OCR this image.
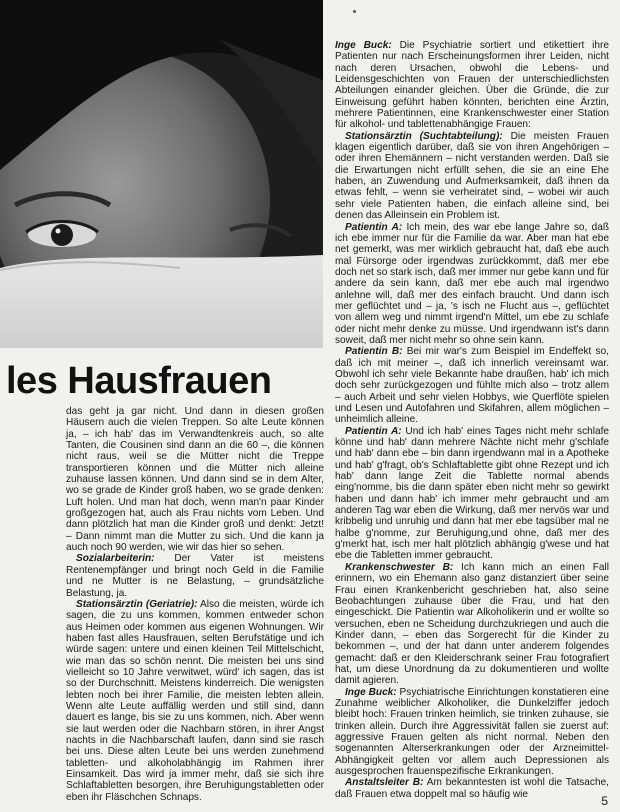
les Hausfrauen

das geht ja gar nicht. Und dann in diesen großen Häusern auch die vielen Treppen. So alte Leute können ja, – ich hab' das im Verwandtenkreis auch, so alte Tanten, die Cousinen sind dann an die 60 –, die können nicht raus, weil se die Mütter nicht die Treppe transportieren können und die Mütter nich alleine zuhause lassen können. Und dann sind se in dem Alter, wo se grade de Kinder groß haben, wo se grade denken: Luft holen. Und man hat doch, wenn man'n paar Kinder großgezogen hat, auch als Frau nichts vom Leben. Und dann plötzlich hat man die Kinder groß und denkt: Jetzt! – Dann nimmt man die Mutter zu sich. Und die kann ja auch noch 90 werden, wie wir das hier so sehen.

Sozialarbeiterin: Der Vater ist meistens Rentenempfänger und bringt noch Geld in die Familie und ne Mutter is ne Belastung, – grundsätzliche Belastung, ja.

Stationsärztin (Geriatrie): Also die meisten, würde ich sagen, die zu uns kommen, kommen entweder schon aus Heimen oder kommen aus eigenen Wohnungen. Wir haben fast alles Hausfrauen, selten Berufstätige und ich würde sagen: untere und einen kleinen Teil Mittelschicht, wie man das so schön nennt. Die meisten bei uns sind vielleicht so 10 Jahre verwitwet, würd' ich sagen, das ist so der Durchschnitt. Meistens kinderreich. Die wenigsten lebten noch bei ihrer Familie, die meisten lebten allein. Wenn alte Leute auffällig werden und still sind, dann dauert es lange, bis sie zu uns kommen, nich. Aber wenn sie laut werden oder die Nachbarn stören, in ihrer Angst nachts in die Nachbarschaft laufen, dann sind sie rasch bei uns. Diese alten Leute bei uns werden zunehmend tabletten- und alkoholabhängig im Rahmen ihrer Einsamkeit. Das wird ja immer mehr, daß sie sich ihre Schlaftabletten besorgen, ihre Beruhigungstabletten oder eben ihr Fläschchen Schnaps.

Inge Buck: Die Psychiatrie sortiert und etikettiert ihre Patienten nur nach Erscheinungsformen ihrer Leiden, nicht nach deren Ursachen, obwohl die Lebens- und Leidensgeschichten von Frauen der unterschiedlichsten Abteilungen einander gleichen. Über die Gründe, die zur Einweisung geführt haben könnten, berichten eine Ärztin, mehrere Patientinnen, eine Krankenschwester einer Station für alkohol- und tablettenabhängige Frauen:

Stationsärztin (Suchtabteilung): Die meisten Frauen klagen eigentlich darüber, daß sie von ihren Angehörigen – oder ihren Ehemännern – nicht verstanden werden. Daß sie die Erwartungen nicht erfüllt sehen, die sie an eine Ehe haben, an Zuwendung und Aufmerksamkeit, daß ihnen da etwas fehlt, – wenn sie verheiratet sind, – wobei wir auch sehr viele Patienten haben, die einfach alleine sind, bei denen das Alleinsein ein Problem ist.

Patientin A: Ich mein, des war ebe lange Jahre so, daß ich ebe immer nur für die Familie da war. Aber man hat ebe net gemerkt, was mer wirklich gebraucht hat, daß ebe auch mal Fürsorge oder irgendwas zurückkommt, daß mer ebe doch net so stark isch, daß mer immer nur gebe kann und für andere da sein kann, daß mer ebe auch mal irgendwo anlehne will, daß mer des einfach braucht. Und dann isch mer geflüchtet und – ja, 's isch ne Flucht aus –, geflüchtet von allem weg und nimmt irgend'n Mittel, um ebe zu schlafe oder nicht mehr denke zu müsse. Und irgendwann ist's dann soweit, daß mer nicht mehr so ohne sein kann.

Patientin B: Bei mir war's zum Beispiel im Endeffekt so, daß ich mit meiner –, daß ich innerlich vereinsamt war. Obwohl ich sehr viele Bekannte habe draußen, hab' ich mich doch sehr zurückgezogen und fühlte mich also – trotz allem – auch Arbeit und sehr vielen Hobbys, wie Querflöte spielen und Lesen und Autofahren und Skifahren, allem möglichen – unheimlich alleine.

Patientin A: Und ich hab' eines Tages nicht mehr schlafe könne und hab' dann mehrere Nächte nicht mehr g'schlafe und hab' dann ebe – bin dann irgendwann mal in a Apotheke und hab' g'fragt, ob's Schlaftablette gibt ohne Rezept und ich hab' dann lange Zeit die Tablette normal abends eing'nomme, bis die dann später eben nicht mehr so gewirkt haben und dann hab' ich immer mehr gebraucht und am anderen Tag war eben die Wirkung, daß mer nervös war und kribbelig und unruhig und dann hat mer ebe tagsüber mal ne halbe g'nomme, zur Beruhigung,und ohne, daß mer des g'merkt hat, isch mer halt plötzlich abhängig g'wese und hat ebe die Tabletten immer gebraucht.

Krankenschwester B: Ich kann mich an einen Fall erinnern, wo ein Ehemann also ganz distanziert über seine Frau einen Krankenbericht geschrieben hat, also seine Beobachtungen zuhause über die Frau, und hat den eingeschickt. Die Patientin war Alkoholikerin und er wollte so versuchen, eben ne Scheidung durchzukriegen und auch die Kinder dann, – eben das Sorgerecht für die Kinder zu bekommen –, und der hat dann unter anderem folgendes gemacht: daß er den Kleiderschrank seiner Frau fotografiert hat, um diese Unordnung da zu dokumentieren und wollte damit agieren.

Inge Buck: Psychiatrische Einrichtungen konstatieren eine Zunahme weiblicher Alkoholiker, die Dunkelziffer jedoch bleibt hoch: Frauen trinken heimlich, sie trinken zuhause, sie trinken allein. Durch ihre Aggressivität fallen sie zuerst auf: aggressive Frauen gelten als nicht normal. Neben den sogenannten Alterserkrankungen oder der Arzneimittel-Abhängigkeit gelten vor allem auch Depressionen als ausgesprochen frauenspezifische Erkrankungen.

Anstaltsleiter B: Am bekanntesten ist wohl die Tatsache, daß Frauen etwa doppelt mal so häufig wie	5
